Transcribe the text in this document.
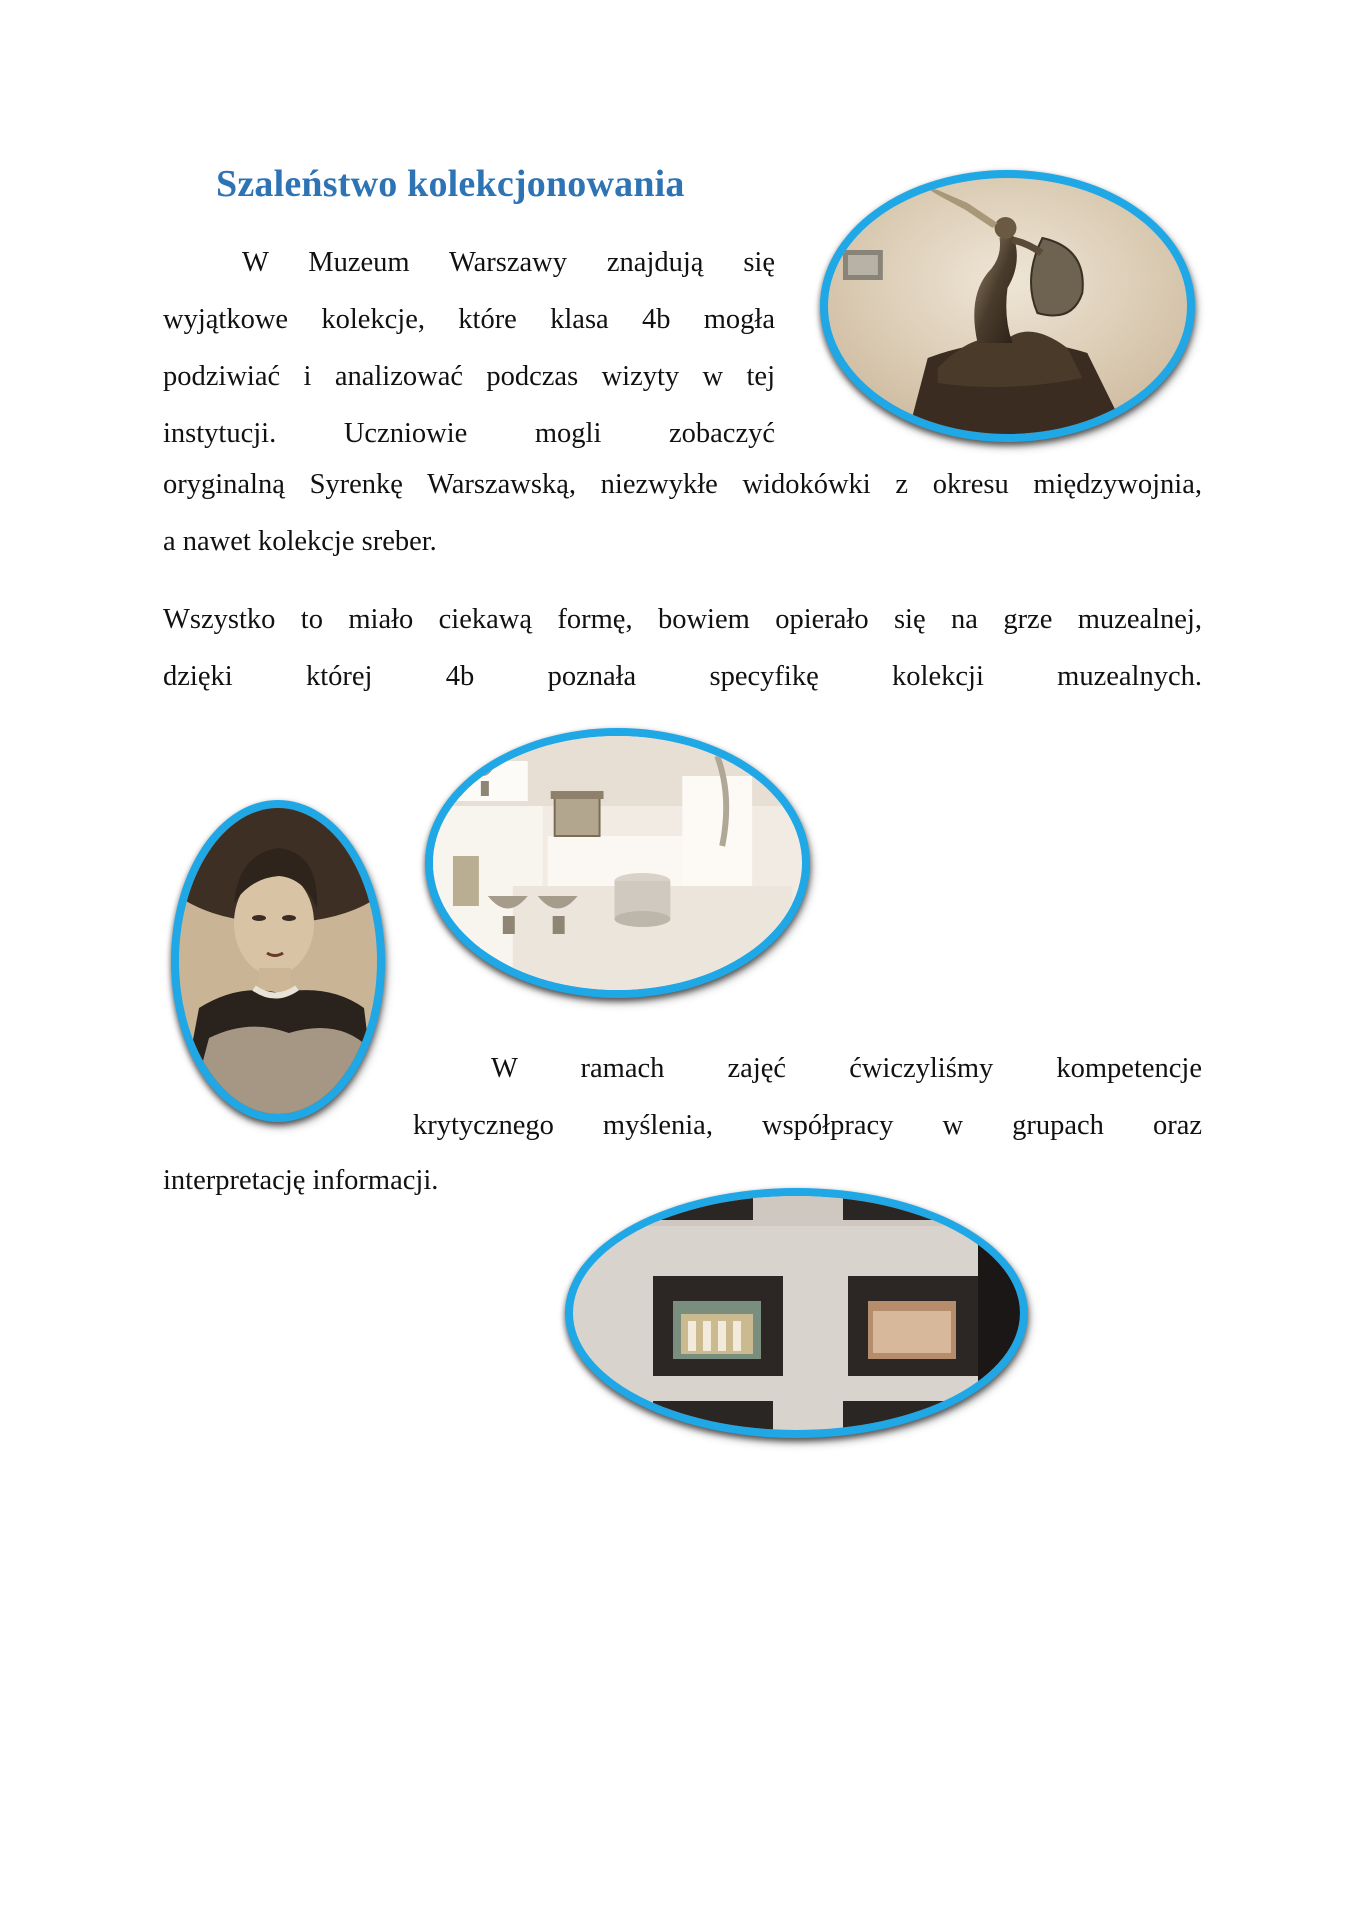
Szaleństwo kolekcjonowania

W Muzeum Warszawy znajdują się
wyjątkowe kolekcje, które klasa 4b mogła
podziwiać i analizować podczas wizyty w tej
instytucji. Uczniowie mogli zobaczyć

oryginalną Syrenkę Warszawską, niezwykłe widokówki z okresu międzywojnia,
a nawet kolekcje sreber.

Wszystko to miało ciekawą formę, bowiem opierało się na grze muzealnej,
dzięki której 4b poznała specyfikę kolekcji muzealnych.

W ramach zajęć ćwiczyliśmy kompetencje
krytycznego myślenia, współpracy w grupach oraz

interpretację informacji.
